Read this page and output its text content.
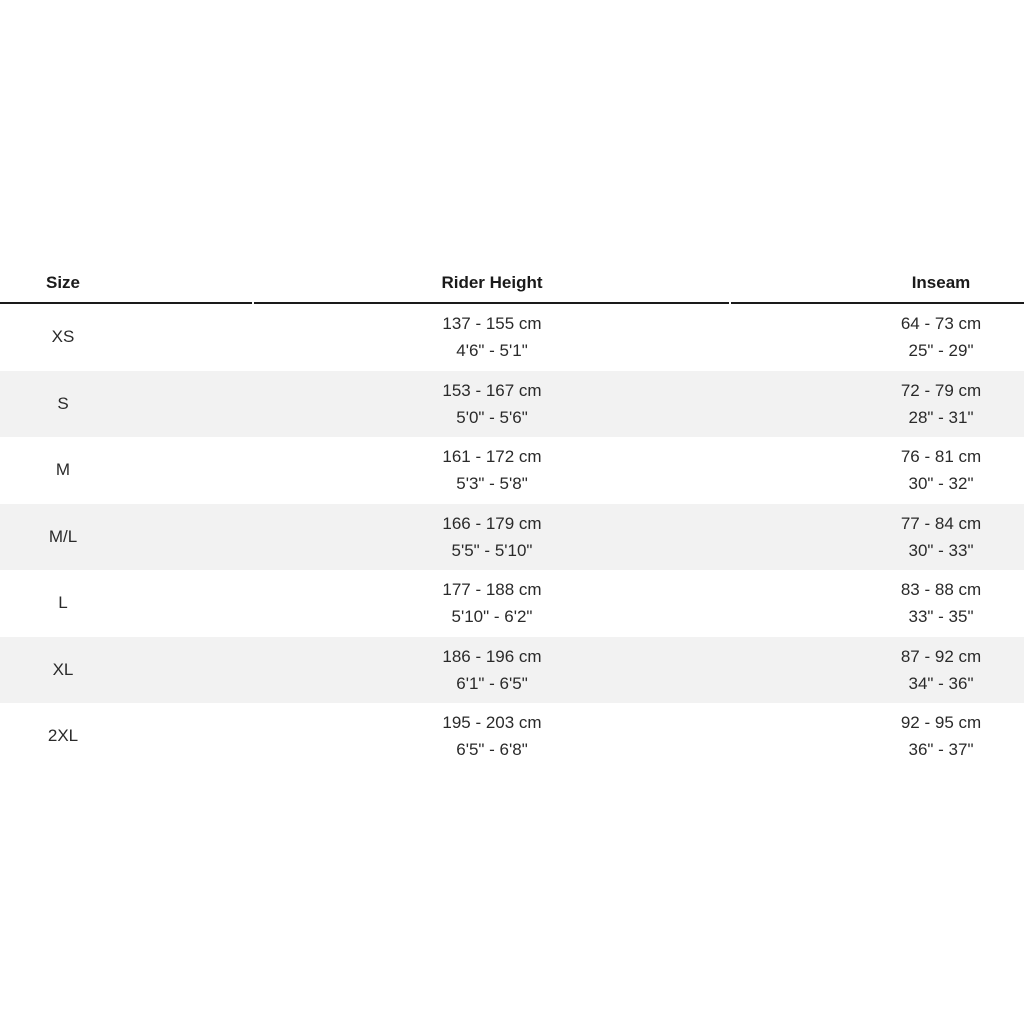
Size	Rider Height	Inseam
XS
137 - 155 cm
4'6" - 5'1"
64 - 73 cm
25" - 29"
S
153 - 167 cm
5'0" - 5'6"
72 - 79 cm
28" - 31"
M
161 - 172 cm
5'3" - 5'8"
76 - 81 cm
30" - 32"
M/L
166 - 179 cm
5'5" - 5'10"
77 - 84 cm
30" - 33"
L
177 - 188 cm
5'10" - 6'2"
83 - 88 cm
33" - 35"
XL
186 - 196 cm
6'1" - 6'5"
87 - 92 cm
34" - 36"
2XL
195 - 203 cm
6'5" - 6'8"
92 - 95 cm
36" - 37"
